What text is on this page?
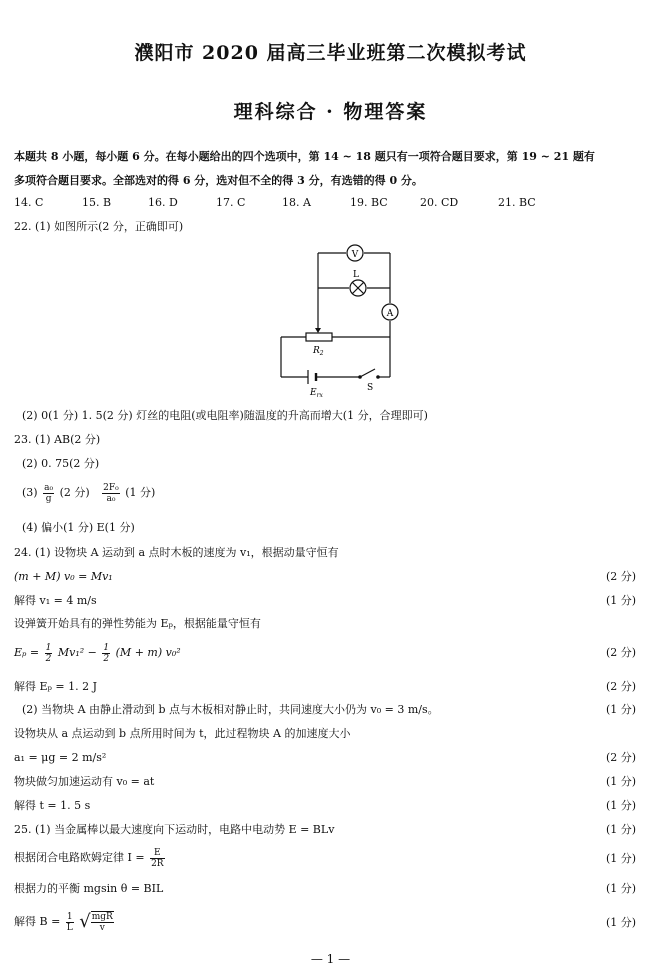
濮阳市 2020 届高三毕业班第二次模拟考试
理科综合 · 物理答案
本题共 8 小题，每小题 6 分。在每小题给出的四个选项中，第 14 ~ 18 题只有一项符合题目要求，第 19 ~ 21 题有
多项符合题目要求。全部选对的得 6 分，选对但不全的得 3 分，有选错的得 0 分。
14. C	15. B	16. D	17. C	18. A	19. BC	20. CD	21. BC
22. (1) 如图所示(2 分，正确即可)
V
L
A
$R_2$
$E_{rx}$
S
(2) 0(1 分) 1. 5(2 分) 灯丝的电阻(或电阻率)随温度的升高而增大(1 分，合理即可)
23. (1) AB(2 分)
(2) 0. 75(2 分)
$(3) \frac{\text{a₀}}{g} (2$ 分) $\frac{\text{2F₀}}{\text{a₀}} (1$ 分)
(4) 偏小(1 分) E(1 分)
24. (1) 设物块 A 运动到 a 点时木板的速度为 v₁，根据动量守恒有
(m + M) v₀ = Mv₁	(2 分)
解得 v₁ = 4 m/s	(1 分)
设弹簧开始具有的弹性势能为 Eₚ，根据能量守恒有
$E_p = \frac{1}{2} Mv_1^2 - \frac{1}{2} (M + m)$ v₀²	(2 分)
解得 Eₚ = 1. 2 J	(2 分)
(2) 当物块 A 由静止滑动到 b 点与木板相对静止时，共同速度大小仍为 v₀ = 3 m/s。	(1 分)
设物块从 a 点运动到 b 点所用时间为 t，此过程物块 A 的加速度大小
a₁ = μg = 2 m/s²	(2 分)
物块做匀加速运动有 v₀ = at	(1 分)
解得 t = 1. 5 s	(1 分)
25. (1) 当金属棒以最大速度向下运动时，电路中电动势 E = BLv	(1 分)
根据闭合电路欧姆定律 $I = \frac{E}{2R}$	(1 分)
根据力的平衡 mgsin θ = BIL	(1 分)
解得 $B = \frac{1}{L}$ √ $\frac{\text{mgR}}{v}$	(1 分)
— 1 —
